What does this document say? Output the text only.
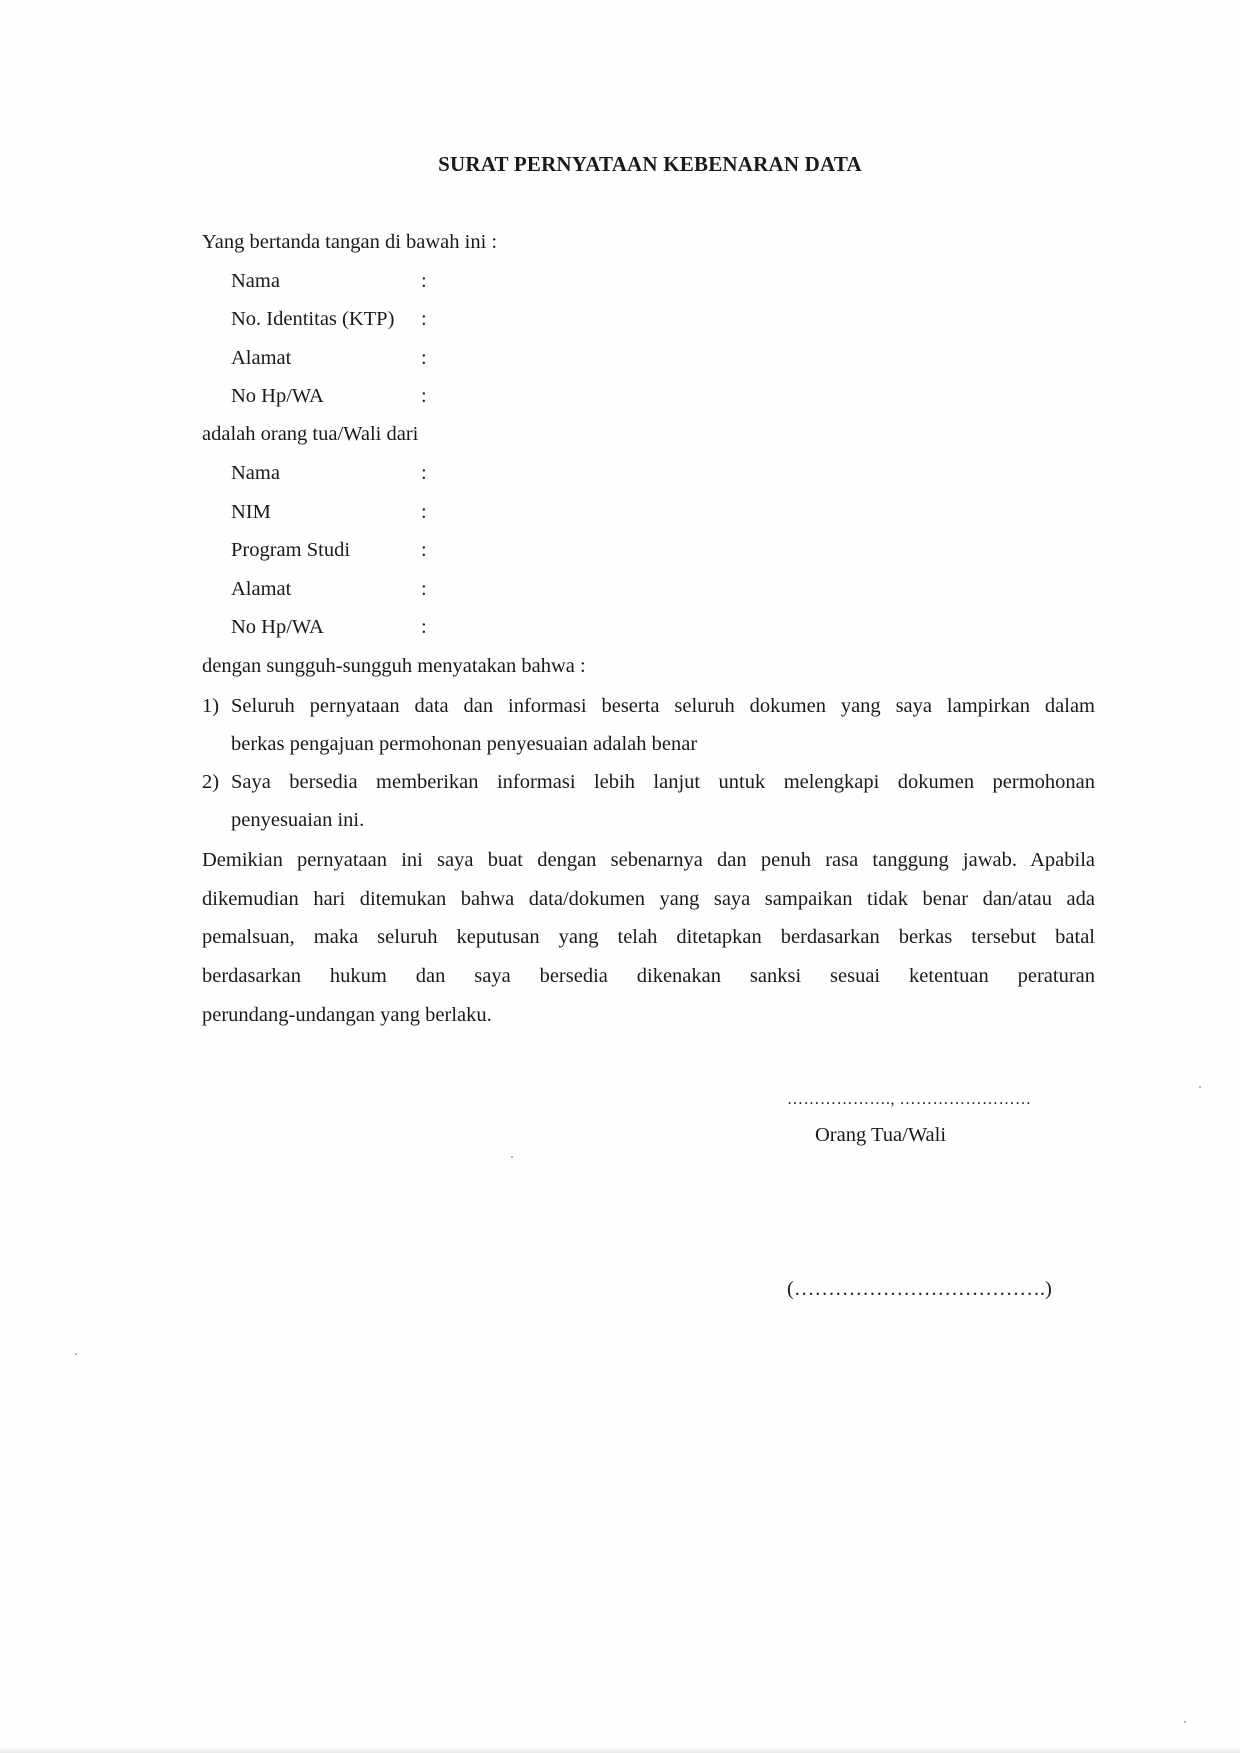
SURAT PERNYATAAN KEBENARAN DATA
Yang bertanda tangan di bawah ini :
Nama	:
No. Identitas (KTP) :
Alamat	:
No Hp/WA	:
adalah orang tua/Wali dari
Nama	:
NIM	:
Program Studi	:
Alamat	:
No Hp/WA	:
dengan sungguh-sungguh menyatakan bahwa :
1) Seluruh pernyataan data dan informasi beserta seluruh dokumen yang saya lampirkan dalam
berkas pengajuan permohonan penyesuaian adalah benar
2) Saya bersedia memberikan informasi lebih lanjut untuk melengkapi dokumen permohonan
penyesuaian ini.
Demikian pernyataan ini saya buat dengan sebenarnya dan penuh rasa tanggung jawab. Apabila
dikemudian hari ditemukan bahwa data/dokumen yang saya sampaikan tidak benar dan/atau ada
pemalsuan, maka seluruh keputusan yang telah ditetapkan berdasarkan berkas tersebut batal
berdasarkan hukum dan saya bersedia dikenakan sanksi sesuai ketentuan peraturan
perundang-undangan yang berlaku.
………………., ……………………
Orang Tua/Wali
(……………………………….)
